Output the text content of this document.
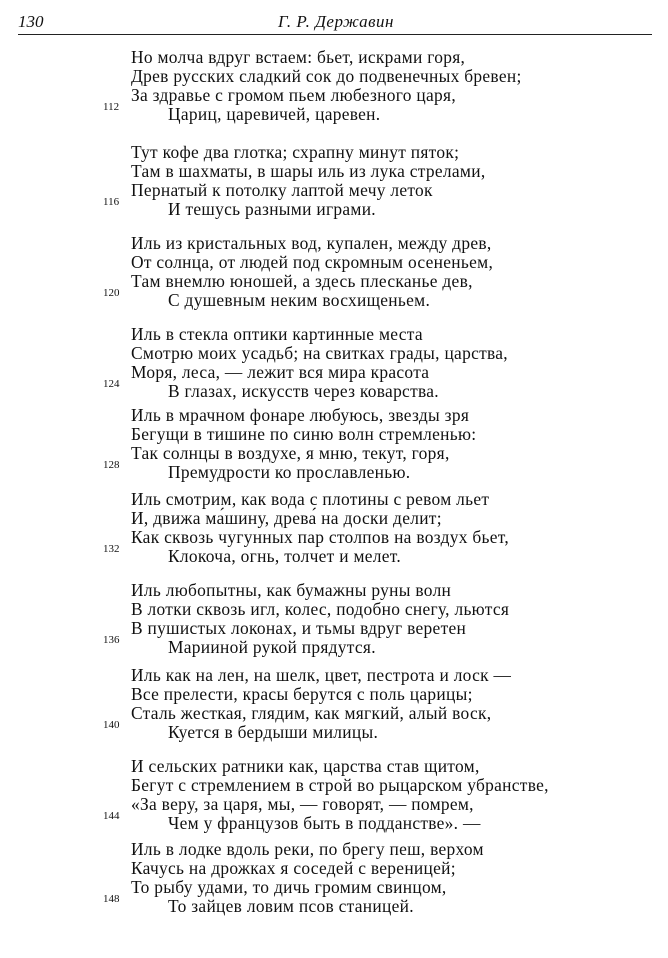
130	Г. Р. Державин
Но молча вдруг встаем: бьет, искрами горя,
Древ русских сладкий сок до подвенечных бревен;
За здравье с громом пьем любезного царя,
Цариц, царевичей, царевен.
112
Тут кофе два глотка; схрапну минут пяток;
Там в шахматы, в шары иль из лука стрелами,
Пернатый к потолку лаптой мечу леток
И тешусь разными играми.
116
Иль из кристальных вод, купален, между древ,
От солнца, от людей под скромным осененьем,
Там внемлю юношей, а здесь плесканье дев,
С душевным неким восхищеньем.
120
Иль в стекла оптики картинные места
Смотрю моих усадьб; на свитках грады, царства,
Моря, леса, — лежит вся мира красота
В глазах, искусств через коварства.
124
Иль в мрачном фонаре любуюсь, звезды зря
Бегущи в тишине по синю волн стремленью:
Так солнцы в воздухе, я мню, текут, горя,
Премудрости ко прославленью.
128
Иль смотрим, как вода с плотины с ревом льет
И, движа ма́шину, древа́ на доски делит;
Как сквозь чугунных пар столпов на воздух бьет,
Клокоча, огнь, толчет и мелет.
132
Иль любопытны, как бумажны руны волн
В лотки сквозь игл, колес, подобно снегу, льются
В пушистых локонах, и тьмы вдруг веретен
Марииной рукой прядутся.
136
Иль как на лен, на шелк, цвет, пестрота и лоск —
Все прелести, красы берутся с поль царицы;
Сталь жесткая, глядим, как мягкий, алый воск,
Куется в бердыши милицы.
140
И сельских ратники как, царства став щитом,
Бегут с стремлением в строй во рыцарском убранстве,
«За веру, за царя, мы, — говорят, — помрем,
Чем у французов быть в подданстве». —
144
Иль в лодке вдоль реки, по брегу пеш, верхом
Качусь на дрожках я соседей с вереницей;
То рыбу удами, то дичь громим свинцом,
То зайцев ловим псов станицей.
148
